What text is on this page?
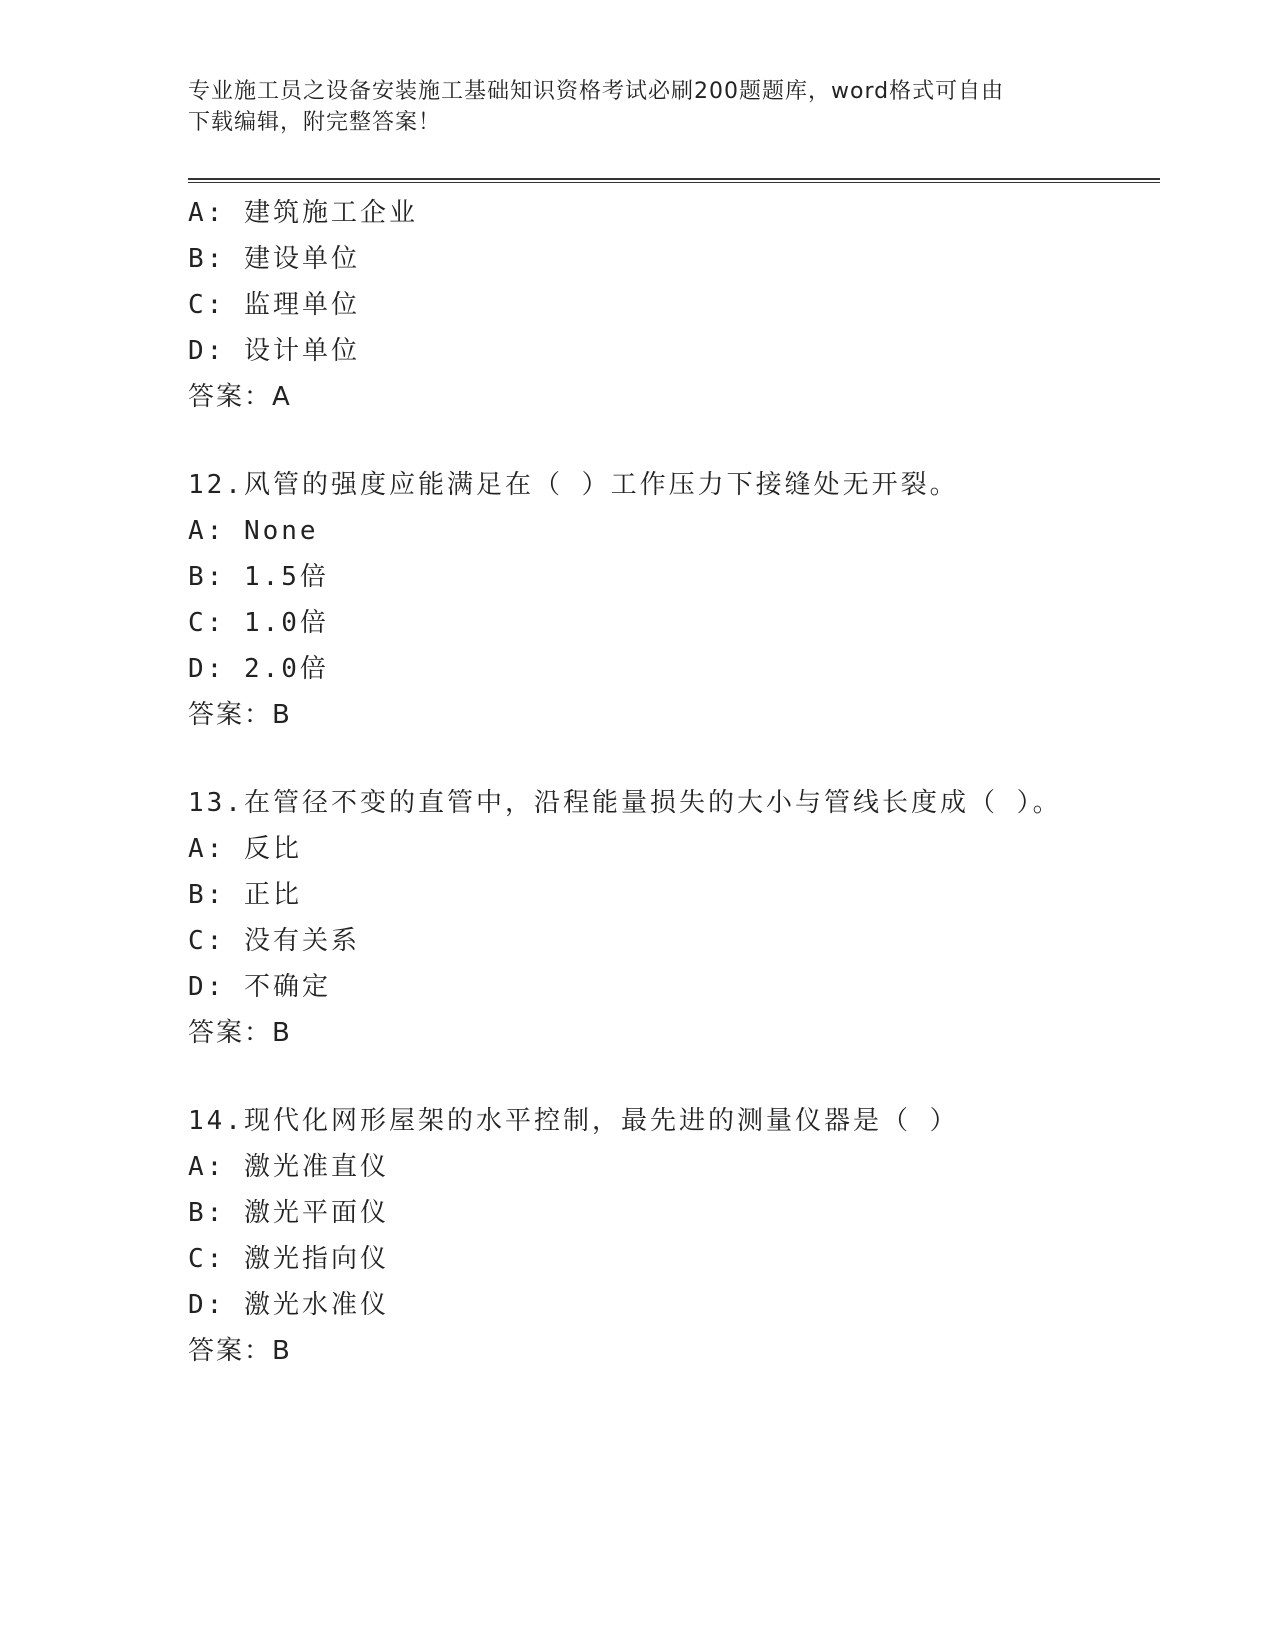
专业施工员之设备安装施工基础知识资格考试必刷200题题库，word格式可自由
下载编辑，附完整答案！
A: 建筑施工企业
B: 建设单位
C: 监理单位
D: 设计单位
答案：A
12.风管的强度应能满足在（ ）工作压力下接缝处无开裂。
A: None
B: 1.5倍
C: 1.0倍
D: 2.0倍
答案：B
13.在管径不变的直管中，沿程能量损失的大小与管线长度成（ ）。
A: 反比
B: 正比
C: 没有关系
D: 不确定
答案：B
14.现代化网形屋架的水平控制，最先进的测量仪器是（ ）
A: 激光准直仪
B: 激光平面仪
C: 激光指向仪
D: 激光水准仪
答案：B
